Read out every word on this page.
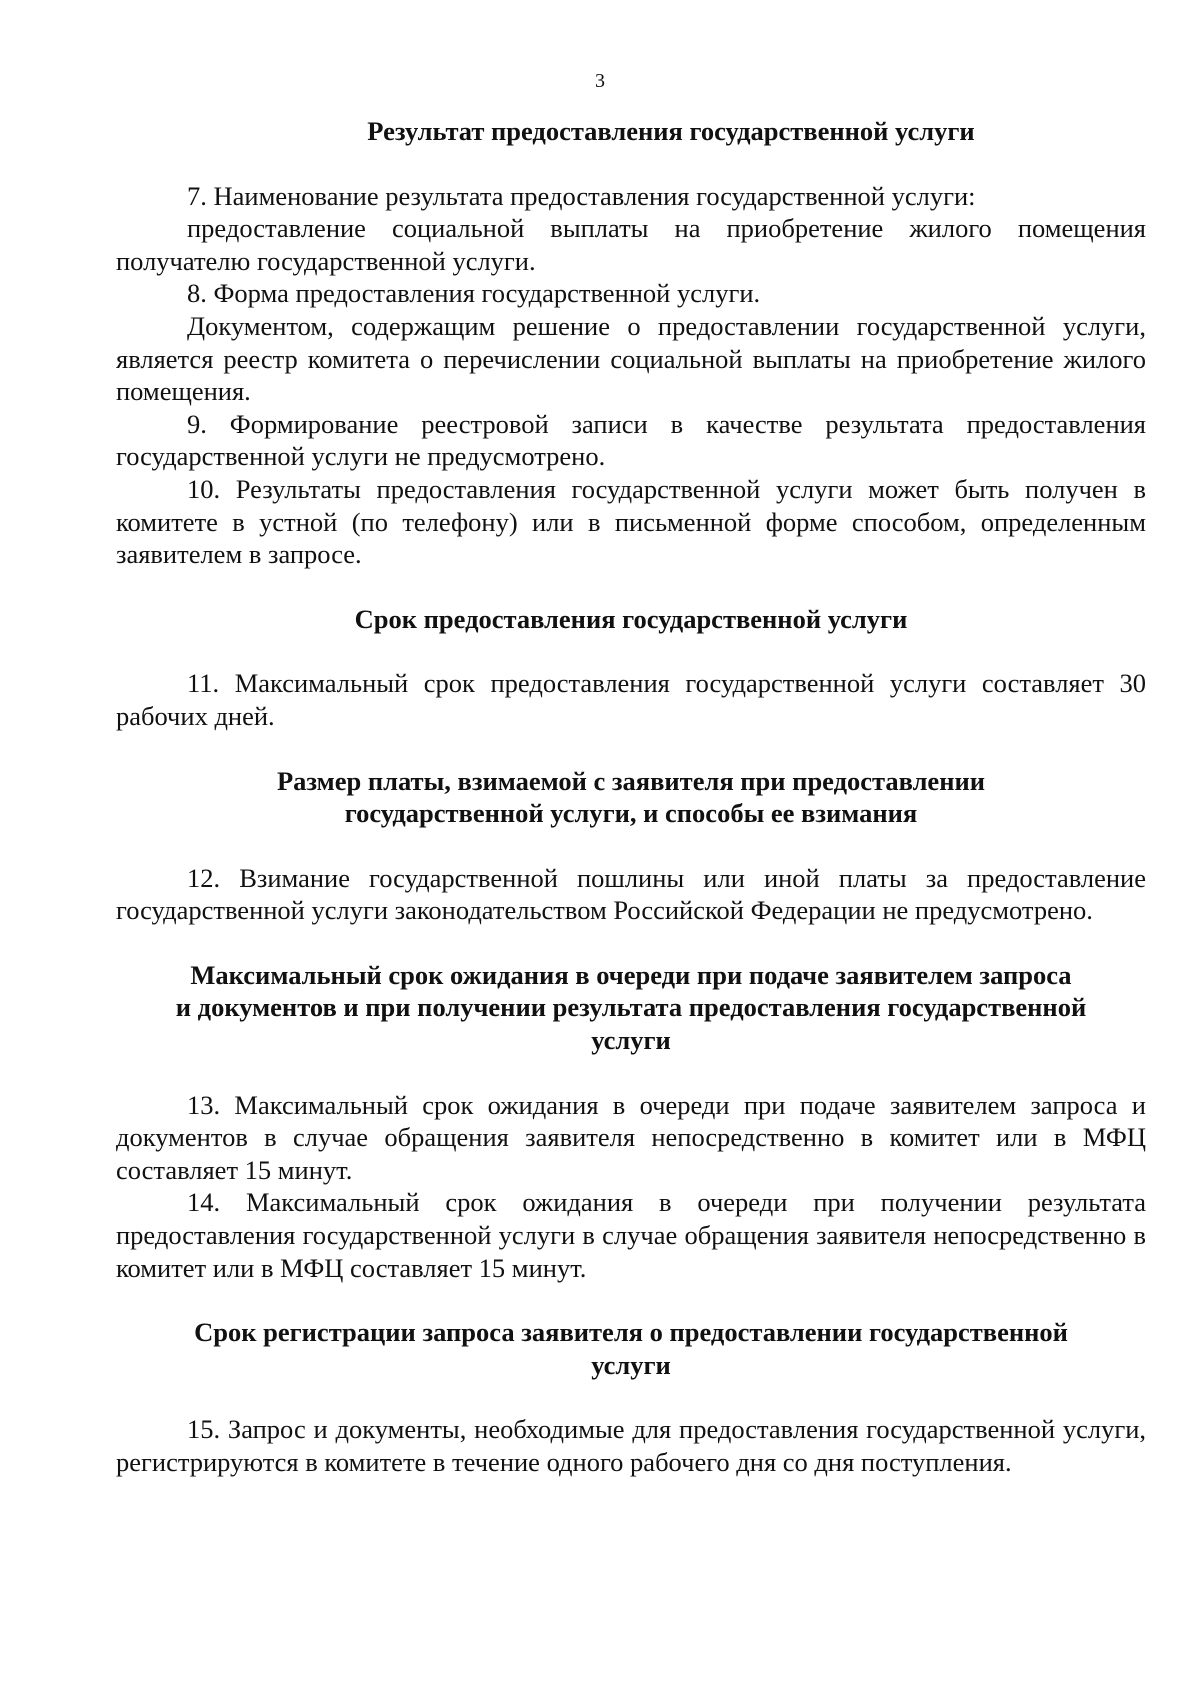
3

Результат предоставления государственной услуги

7. Наименование результата предоставления государственной услуги:

предоставление социальной выплаты на приобретение жилого помещения получателю государственной услуги.

8. Форма предоставления государственной услуги.

Документом, содержащим решение о предоставлении государственной услуги, является реестр комитета о перечислении социальной выплаты на приобретение жилого помещения.

9. Формирование реестровой записи в качестве результата предоставления государственной услуги не предусмотрено.

10. Результаты предоставления государственной услуги может быть получен в комитете в устной (по телефону) или в письменной форме способом, определенным заявителем в запросе.

Срок предоставления государственной услуги

11. Максимальный срок предоставления государственной услуги составляет 30 рабочих дней.

Размер платы, взимаемой с заявителя при предоставлении

государственной услуги, и способы ее взимания

12. Взимание государственной пошлины или иной платы за предоставление государственной услуги законодательством Российской Федерации не предусмотрено.

Максимальный срок ожидания в очереди при подаче заявителем запроса

и документов и при получении результата предоставления государственной

услуги

13. Максимальный срок ожидания в очереди при подаче заявителем запроса и документов в случае обращения заявителя непосредственно в комитет или в МФЦ составляет 15 минут.

14. Максимальный срок ожидания в очереди при получении результата предоставления государственной услуги в случае обращения заявителя непосредственно в комитет или в МФЦ составляет 15 минут.

Срок регистрации запроса заявителя о предоставлении государственной

услуги

15. Запрос и документы, необходимые для предоставления государственной услуги, регистрируются в комитете в течение одного рабочего дня со дня поступления.
